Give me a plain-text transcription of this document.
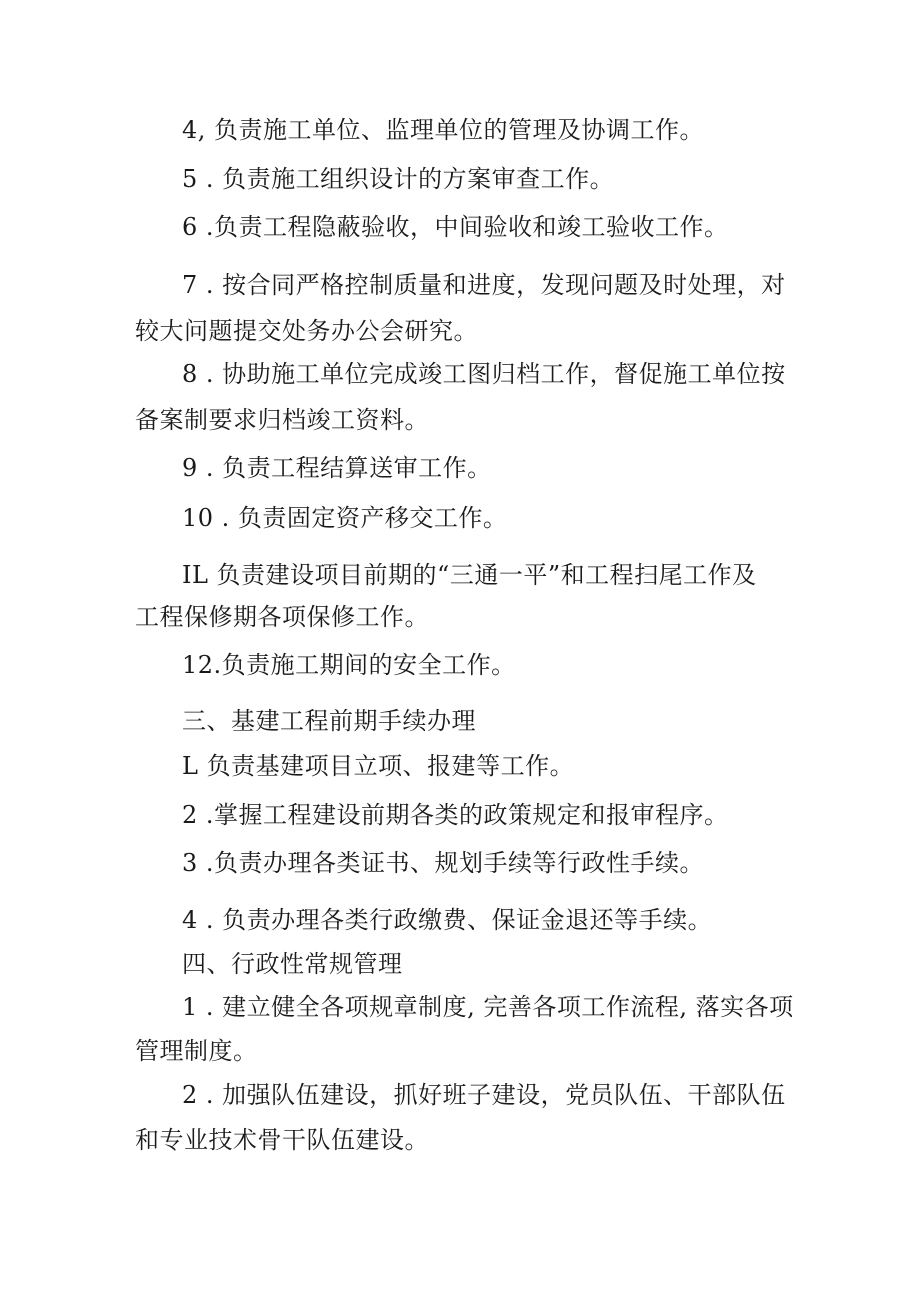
4, 负责施工单位、监理单位的管理及协调工作。
5 . 负责施工组织设计的方案审查工作。
6 .负责工程隐蔽验收，中间验收和竣工验收工作。
7 . 按合同严格控制质量和进度，发现问题及时处理，对
较大问题提交处务办公会研究。
8 . 协助施工单位完成竣工图归档工作，督促施工单位按
备案制要求归档竣工资料。
9 . 负责工程结算送审工作。
10 . 负责固定资产移交工作。
IL 负责建设项目前期的“三通一平”和工程扫尾工作及
工程保修期各项保修工作。
12.负责施工期间的安全工作。
三、基建工程前期手续办理
L 负责基建项目立项、报建等工作。
2 .掌握工程建设前期各类的政策规定和报审程序。
3 .负责办理各类证书、规划手续等行政性手续。
4 . 负责办理各类行政缴费、保证金退还等手续。
四、行政性常规管理
1 . 建立健全各项规章制度, 完善各项工作流程, 落实各项
管理制度。
2 . 加强队伍建设，抓好班子建设，党员队伍、干部队伍
和专业技术骨干队伍建设。
